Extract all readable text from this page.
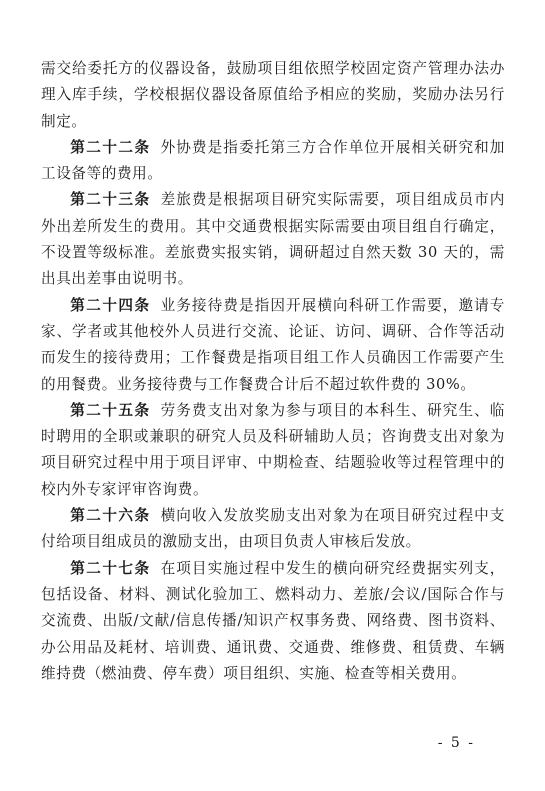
需交给委托方的仪器设备，鼓励项目组依照学校固定资产管理办法办理入库手续，学校根据仪器设备原值给予相应的奖励，奖励办法另行制定。

第二十二条 外协费是指委托第三方合作单位开展相关研究和加工设备等的费用。

第二十三条 差旅费是根据项目研究实际需要，项目组成员市内外出差所发生的费用。其中交通费根据实际需要由项目组自行确定，不设置等级标准。差旅费实报实销，调研超过自然天数 30 天的，需出具出差事由说明书。

第二十四条 业务接待费是指因开展横向科研工作需要，邀请专家、学者或其他校外人员进行交流、论证、访问、调研、合作等活动而发生的接待费用；工作餐费是指项目组工作人员确因工作需要产生的用餐费。业务接待费与工作餐费合计后不超过软件费的 30%。

第二十五条 劳务费支出对象为参与项目的本科生、研究生、临时聘用的全职或兼职的研究人员及科研辅助人员；咨询费支出对象为项目研究过程中用于项目评审、中期检查、结题验收等过程管理中的校内外专家评审咨询费。

第二十六条 横向收入发放奖励支出对象为在项目研究过程中支付给项目组成员的激励支出，由项目负责人审核后发放。

第二十七条 在项目实施过程中发生的横向研究经费据实列支，包括设备、材料、测试化验加工、燃料动力、差旅/会议/国际合作与交流费、出版/文献/信息传播/知识产权事务费、网络费、图书资料、办公用品及耗材、培训费、通讯费、交通费、维修费、租赁费、车辆维持费（燃油费、停车费）项目组织、实施、检查等相关费用。

- 5 -
